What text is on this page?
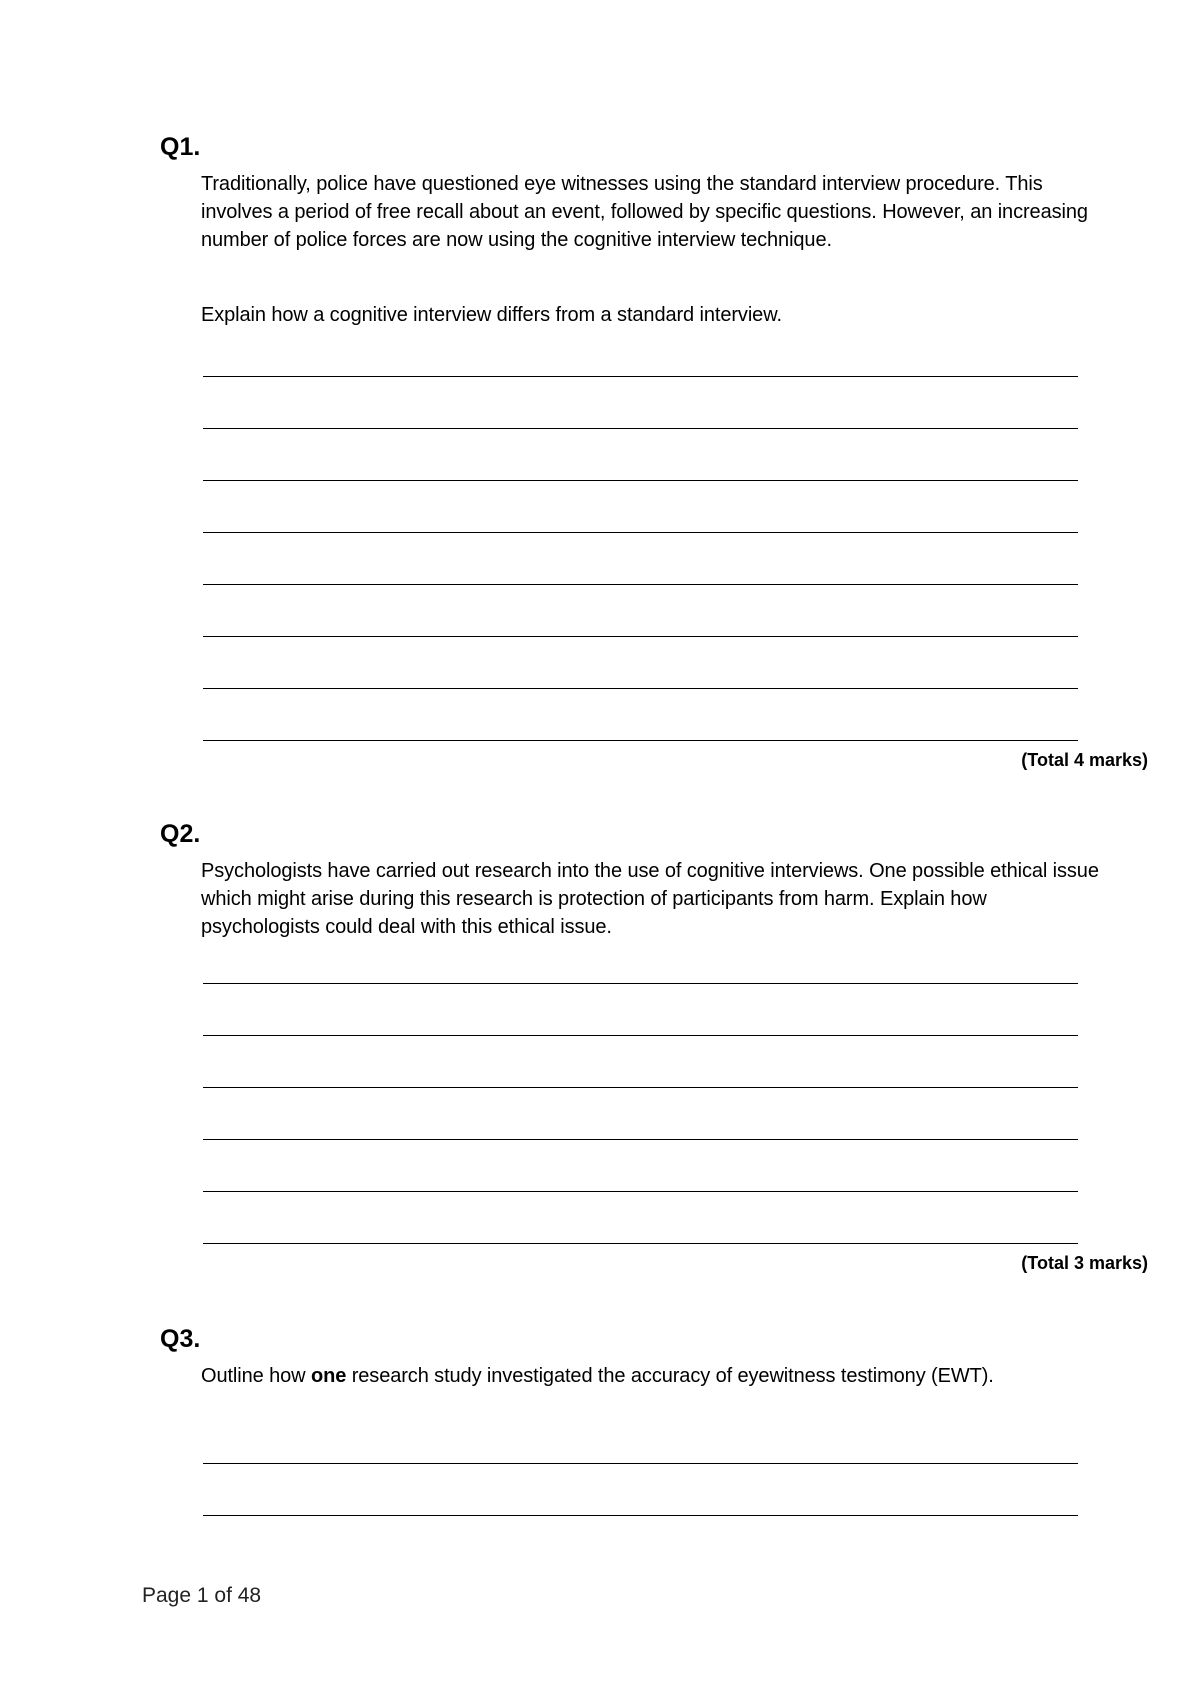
Q1.

Traditionally, police have questioned eye witnesses using the standard interview procedure. This involves a period of free recall about an event, followed by specific questions. However, an increasing number of police forces are now using the cognitive interview technique.

Explain how a cognitive interview differs from a standard interview.
(Total 4 marks)
Q2.

Psychologists have carried out research into the use of cognitive interviews. One possible ethical issue which might arise during this research is protection of participants from harm. Explain how psychologists could deal with this ethical issue.

(Total 3 marks)
Q3.
Outline how one research study investigated the accuracy of eyewitness testimony (EWT).
Page 1 of 48
